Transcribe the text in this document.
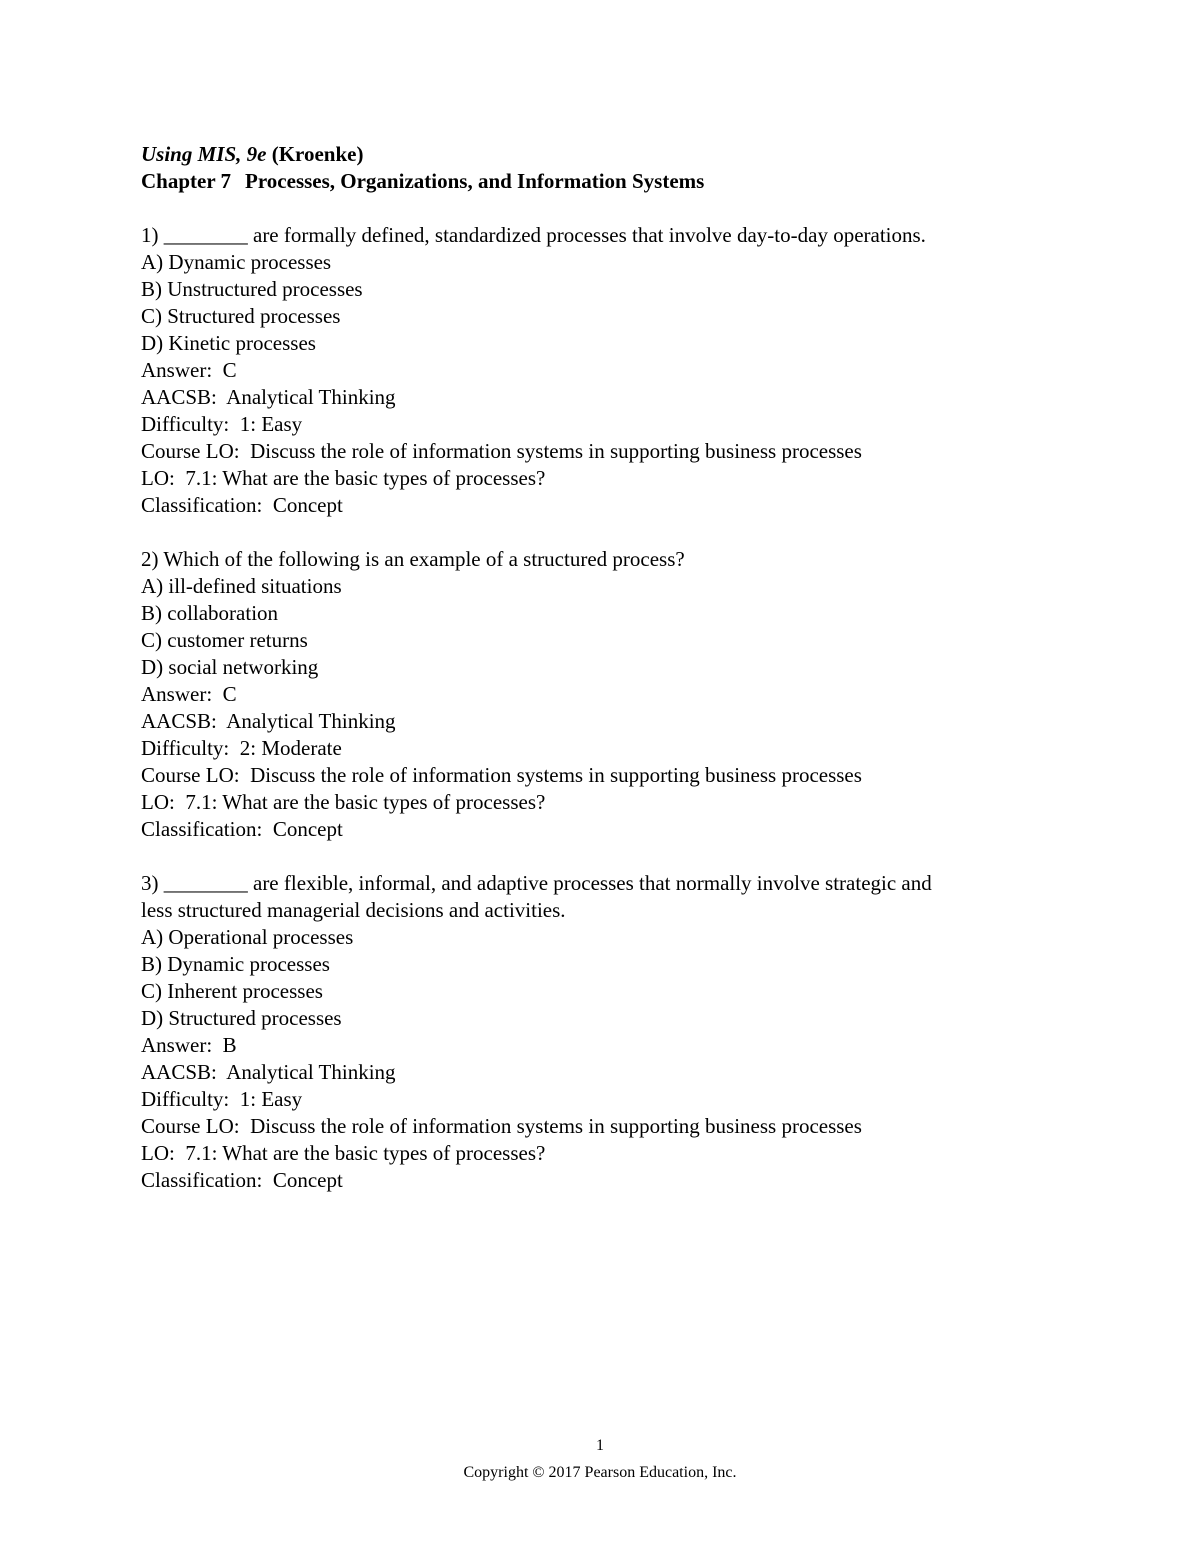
Using MIS, 9e (Kroenke)
Chapter 7 Processes, Organizations, and Information Systems
1) ________ are formally defined, standardized processes that involve day-to-day operations.
A) Dynamic processes
B) Unstructured processes
C) Structured processes
D) Kinetic processes
Answer:  C
AACSB:  Analytical Thinking
Difficulty:  1: Easy
Course LO:  Discuss the role of information systems in supporting business processes
LO:  7.1: What are the basic types of processes?
Classification:  Concept
2) Which of the following is an example of a structured process?
A) ill-defined situations
B) collaboration
C) customer returns
D) social networking
Answer:  C
AACSB:  Analytical Thinking
Difficulty:  2: Moderate
Course LO:  Discuss the role of information systems in supporting business processes
LO:  7.1: What are the basic types of processes?
Classification:  Concept
3) ________ are flexible, informal, and adaptive processes that normally involve strategic and
less structured managerial decisions and activities.
A) Operational processes
B) Dynamic processes
C) Inherent processes
D) Structured processes
Answer:  B
AACSB:  Analytical Thinking
Difficulty:  1: Easy
Course LO:  Discuss the role of information systems in supporting business processes
LO:  7.1: What are the basic types of processes?
Classification:  Concept
1
Copyright © 2017 Pearson Education, Inc.
